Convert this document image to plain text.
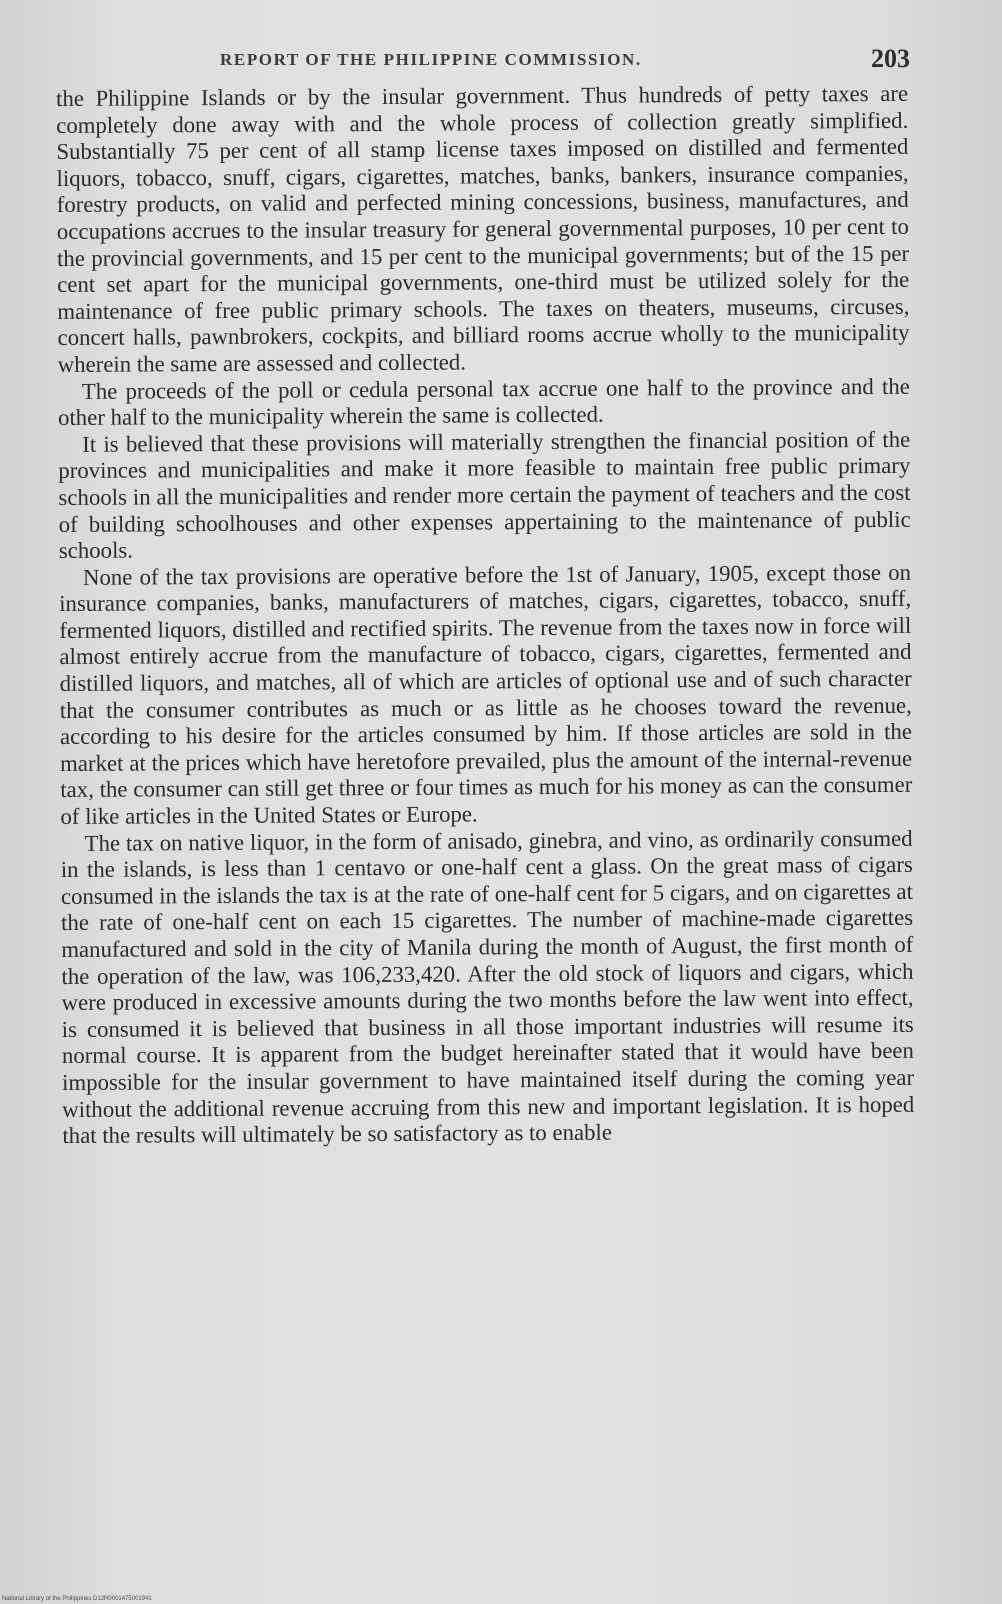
REPORT OF THE PHILIPPINE COMMISSION.	203

the Philippine Islands or by the insular government. Thus hundreds of petty taxes are completely done away with and the whole process of collection greatly simplified. Substantially 75 per cent of all stamp license taxes imposed on distilled and fermented liquors, tobacco, snuff, cigars, cigarettes, matches, banks, bankers, insurance companies, forestry products, on valid and perfected mining concessions, business, manufactures, and occupations accrues to the insular treasury for general governmental purposes, 10 per cent to the provincial governments, and 15 per cent to the municipal governments; but of the 15 per cent set apart for the municipal governments, one-third must be utilized solely for the maintenance of free public primary schools. The taxes on theaters, museums, circuses, concert halls, pawnbrokers, cockpits, and billiard rooms accrue wholly to the municipality wherein the same are assessed and collected.

The proceeds of the poll or cedula personal tax accrue one half to the province and the other half to the municipality wherein the same is collected.

It is believed that these provisions will materially strengthen the financial position of the provinces and municipalities and make it more feasible to maintain free public primary schools in all the municipalities and render more certain the payment of teachers and the cost of building schoolhouses and other expenses appertaining to the maintenance of public schools.

None of the tax provisions are operative before the 1st of January, 1905, except those on insurance companies, banks, manufacturers of matches, cigars, cigarettes, tobacco, snuff, fermented liquors, distilled and rectified spirits. The revenue from the taxes now in force will almost entirely accrue from the manufacture of tobacco, cigars, cigarettes, fermented and distilled liquors, and matches, all of which are articles of optional use and of such character that the consumer contributes as much or as little as he chooses toward the revenue, according to his desire for the articles consumed by him. If those articles are sold in the market at the prices which have heretofore prevailed, plus the amount of the internal-revenue tax, the consumer can still get three or four times as much for his money as can the consumer of like articles in the United States or Europe.

The tax on native liquor, in the form of anisado, ginebra, and vino, as ordinarily consumed in the islands, is less than 1 centavo or one-half cent a glass. On the great mass of cigars consumed in the islands the tax is at the rate of one-half cent for 5 cigars, and on cigarettes at the rate of one-half cent on each 15 cigarettes. The number of machine-made cigarettes manufactured and sold in the city of Manila during the month of August, the first month of the operation of the law, was 106,233,420. After the old stock of liquors and cigars, which were produced in excessive amounts during the two months before the law went into effect, is consumed it is believed that business in all those important industries will resume its normal course. It is apparent from the budget hereinafter stated that it would have been impossible for the insular government to have maintained itself during the coming year without the additional revenue accruing from this new and important legislation. It is hoped that the results will ultimately be so satisfactory as to enable

National Library of the Philippines D12R0001475001941
